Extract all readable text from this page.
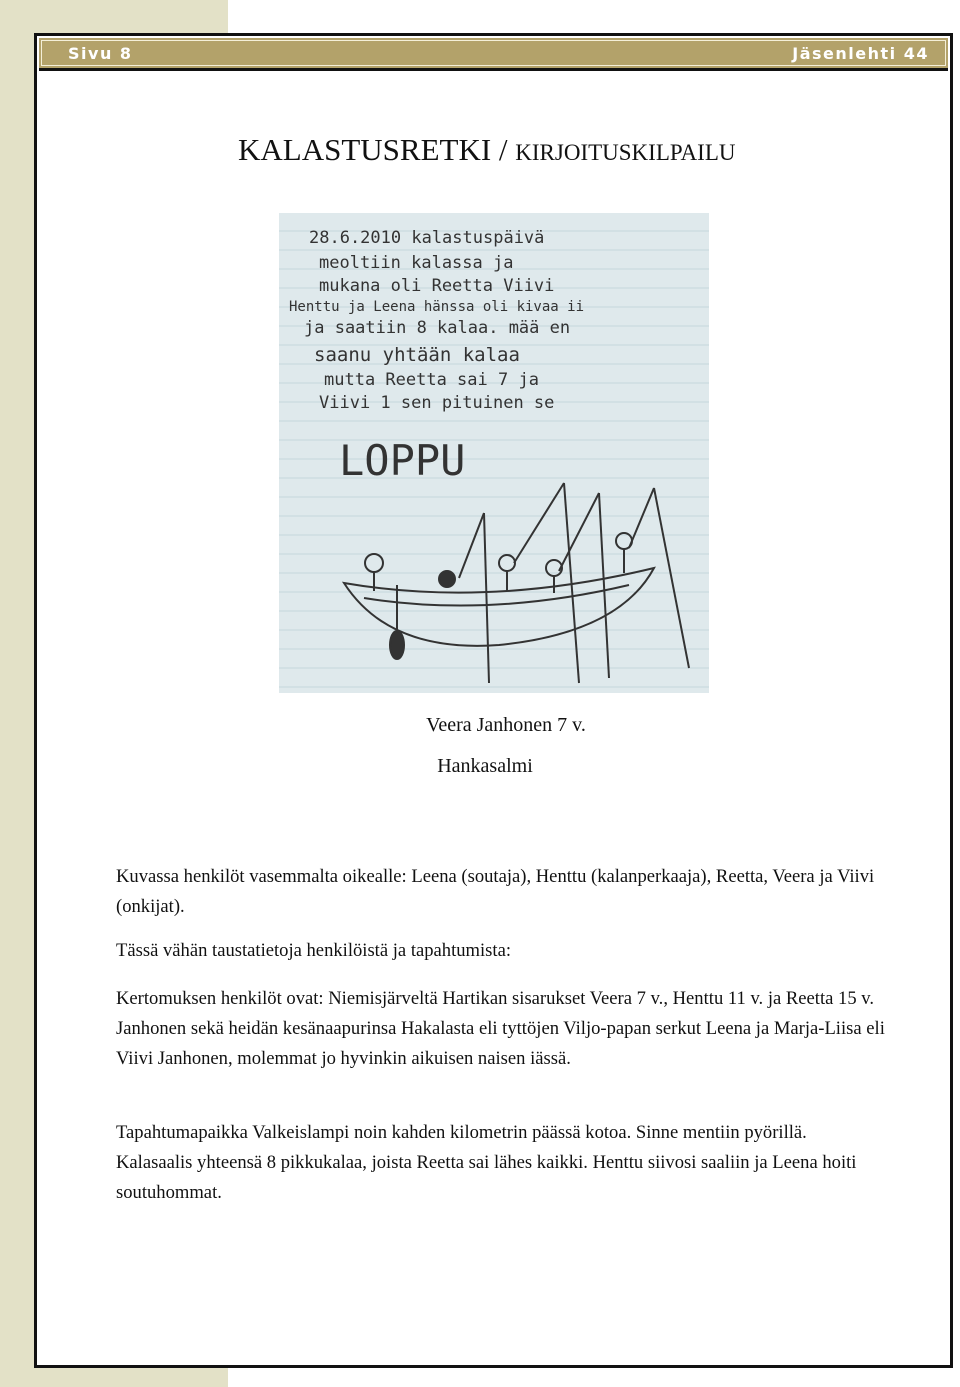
Sivu 8	Jäsenlehti 44
KALASTUSRETKI / KIRJOITUSKILPAILU
28.6.2010 kalastuspäivä
meoltiin kalassa ja
mukana oli Reetta Viivi
Henttu ja Leena hänssa oli kivaa ii
ja saatiin 8 kalaa. mää en
saanu yhtään kalaa
mutta Reetta sai 7 ja
Viivi 1 sen pituinen se
LOPPU
Veera Janhonen 7 v.
Hankasalmi
Kuvassa henkilöt vasemmalta oikealle: Leena (soutaja), Henttu (kalanperkaaja), Reetta, Veera ja Viivi (onkijat).
Tässä vähän taustatietoja henkilöistä ja tapahtumista:
Kertomuksen henkilöt ovat: Niemisjärveltä Hartikan sisarukset Veera 7 v., Henttu 11 v. ja Reetta 15 v. Janhonen sekä heidän kesänaapurinsa Hakalasta eli tyttöjen Viljo-papan serkut Leena ja Marja-Liisa eli Viivi Janhonen, molemmat jo hyvinkin aikuisen naisen iässä.
Tapahtumapaikka Valkeislampi noin kahden kilometrin päässä kotoa. Sinne mentiin pyörillä. Kalasaalis yhteensä 8 pikkukalaa, joista Reetta sai lähes kaikki. Henttu siivosi saaliin ja Leena hoiti soutuhommat.
